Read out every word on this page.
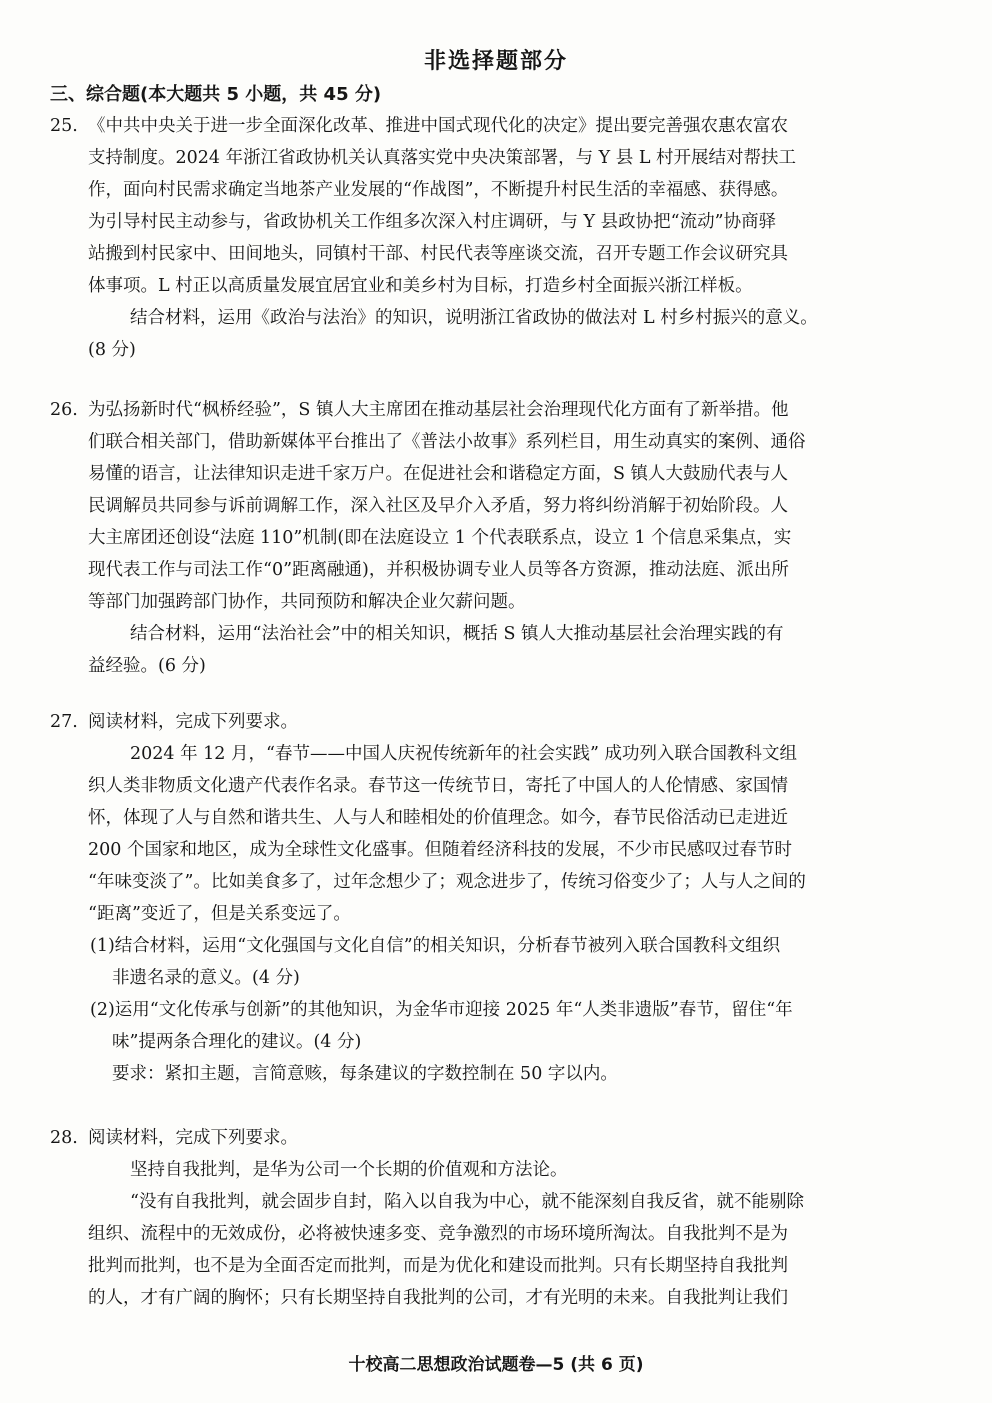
非选择题部分
三、综合题(本大题共 5 小题，共 45 分)
25. 《中共中央关于进一步全面深化改革、推进中国式现代化的决定》提出要完善强农惠农富农
支持制度。2024 年浙江省政协机关认真落实党中央决策部署，与 Y 县 L 村开展结对帮扶工
作，面向村民需求确定当地茶产业发展的“作战图”，不断提升村民生活的幸福感、获得感。
为引导村民主动参与，省政协机关工作组多次深入村庄调研，与 Y 县政协把“流动”协商驿
站搬到村民家中、田间地头，同镇村干部、村民代表等座谈交流，召开专题工作会议研究具
体事项。L 村正以高质量发展宜居宜业和美乡村为目标，打造乡村全面振兴浙江样板。
结合材料，运用《政治与法治》的知识，说明浙江省政协的做法对 L 村乡村振兴的意义。
(8 分)
26. 为弘扬新时代“枫桥经验”，S 镇人大主席团在推动基层社会治理现代化方面有了新举措。他
们联合相关部门，借助新媒体平台推出了《普法小故事》系列栏目，用生动真实的案例、通俗
易懂的语言，让法律知识走进千家万户。在促进社会和谐稳定方面，S 镇人大鼓励代表与人
民调解员共同参与诉前调解工作，深入社区及早介入矛盾，努力将纠纷消解于初始阶段。人
大主席团还创设“法庭 110”机制(即在法庭设立 1 个代表联系点，设立 1 个信息采集点，实
现代表工作与司法工作“0”距离融通)，并积极协调专业人员等各方资源，推动法庭、派出所
等部门加强跨部门协作，共同预防和解决企业欠薪问题。
结合材料，运用“法治社会”中的相关知识，概括 S 镇人大推动基层社会治理实践的有
益经验。(6 分)
27. 阅读材料，完成下列要求。
2024 年 12 月，“春节——中国人庆祝传统新年的社会实践” 成功列入联合国教科文组
织人类非物质文化遗产代表作名录。春节这一传统节日，寄托了中国人的人伦情感、家国情
怀，体现了人与自然和谐共生、人与人和睦相处的价值理念。如今，春节民俗活动已走进近
200 个国家和地区，成为全球性文化盛事。但随着经济科技的发展，不少市民感叹过春节时
“年味变淡了”。比如美食多了，过年念想少了；观念进步了，传统习俗变少了；人与人之间的
“距离”变近了，但是关系变远了。
(1)结合材料，运用“文化强国与文化自信”的相关知识，分析春节被列入联合国教科文组织
非遗名录的意义。(4 分)
(2)运用“文化传承与创新”的其他知识，为金华市迎接 2025 年“人类非遗版”春节，留住“年
味”提两条合理化的建议。(4 分)
要求：紧扣主题，言简意赅，每条建议的字数控制在 50 字以内。
28. 阅读材料，完成下列要求。
坚持自我批判，是华为公司一个长期的价值观和方法论。
“没有自我批判，就会固步自封，陷入以自我为中心，就不能深刻自我反省，就不能剔除
组织、流程中的无效成份，必将被快速多变、竞争激烈的市场环境所淘汰。自我批判不是为
批判而批判，也不是为全面否定而批判，而是为优化和建设而批判。只有长期坚持自我批判
的人，才有广阔的胸怀；只有长期坚持自我批判的公司，才有光明的未来。自我批判让我们
十校高二思想政治试题卷—5 (共 6 页)
